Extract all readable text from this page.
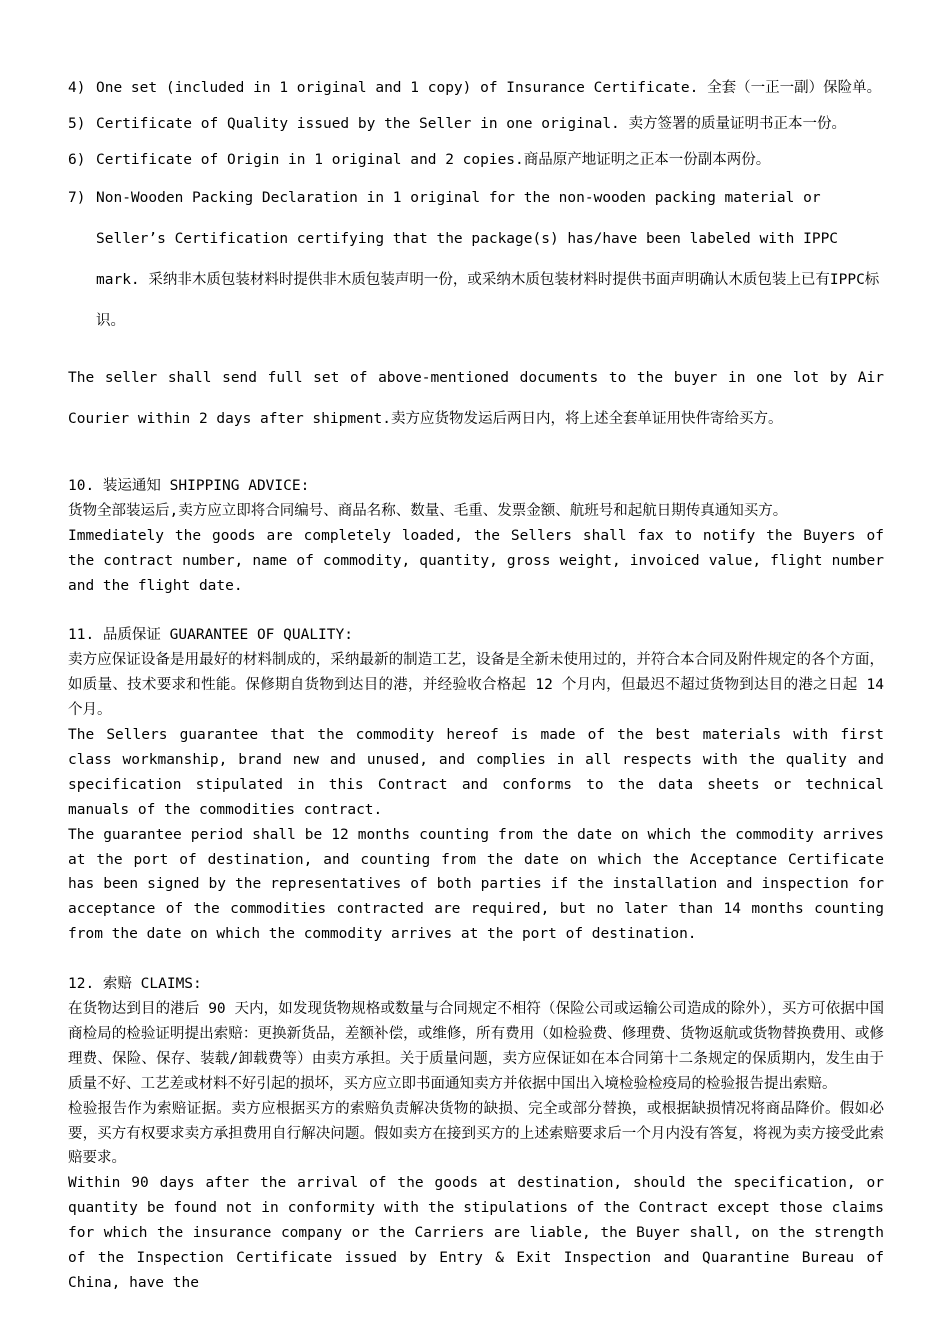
4) One set (included in 1 original and 1 copy) of Insurance Certificate. 全套（一正一副）保险单。
5) Certificate of Quality issued by the Seller in one original. 卖方签署的质量证明书正本一份。
6) Certificate of Origin in 1 original and 2 copies.商品原产地证明之正本一份副本两份。
7) Non-Wooden Packing Declaration in 1 original for the non-wooden packing material or Seller’s Certification certifying that the package(s) has/have been labeled with IPPC mark. 采纳非木质包装材料时提供非木质包装声明一份，或采纳木质包装材料时提供书面声明确认木质包装上已有IPPC标识。
The seller shall send full set of above-mentioned documents to the buyer in one lot by Air Courier within 2 days after shipment.卖方应货物发运后两日内，将上述全套单证用快件寄给买方。
10. 装运通知 SHIPPING ADVICE:
货物全部装运后,卖方应立即将合同编号、商品名称、数量、毛重、发票金额、航班号和起航日期传真通知买方。
Immediately the goods are completely loaded, the Sellers shall fax to notify the Buyers of the contract number, name of commodity, quantity, gross weight, invoiced value, flight number and the flight date.
11. 品质保证 GUARANTEE OF QUALITY:
卖方应保证设备是用最好的材料制成的，采纳最新的制造工艺，设备是全新未使用过的，并符合本合同及附件规定的各个方面，如质量、技术要求和性能。保修期自货物到达目的港，并经验收合格起 12 个月内，但最迟不超过货物到达目的港之日起 14 个月。
The Sellers guarantee that the commodity hereof is made of the best materials with first class workmanship, brand new and unused, and complies in all respects with the quality and specification stipulated in this Contract and conforms to the data sheets or technical manuals of the commodities contract.
The guarantee period shall be 12 months counting from the date on which the commodity arrives at the port of destination, and counting from the date on which the Acceptance Certificate has been signed by the representatives of both parties if the installation and inspection for acceptance of the commodities contracted are required, but no later than 14 months counting from the date on which the commodity arrives at the port of destination.
12. 索赔 CLAIMS:
在货物达到目的港后 90 天内，如发现货物规格或数量与合同规定不相符（保险公司或运输公司造成的除外），买方可依据中国商检局的检验证明提出索赔：更换新货品，差额补偿，或维修，所有费用（如检验费、修理费、货物返航或货物替换费用、或修理费、保险、保存、装载/卸载费等）由卖方承担。关于质量问题，卖方应保证如在本合同第十二条规定的保质期内，发生由于质量不好、工艺差或材料不好引起的损坏，买方应立即书面通知卖方并依据中国出入境检验检疫局的检验报告提出索赔。
检验报告作为索赔证据。卖方应根据买方的索赔负责解决货物的缺损、完全或部分替换，或根据缺损情况将商品降价。假如必要，买方有权要求卖方承担费用自行解决问题。假如卖方在接到买方的上述索赔要求后一个月内没有答复，将视为卖方接受此索赔要求。
Within 90 days after the arrival of the goods at destination, should the specification, or quantity be found not in conformity with the stipulations of the Contract except those claims for which the insurance company or the Carriers are liable, the Buyer shall, on the strength of the Inspection Certificate issued by Entry & Exit Inspection and Quarantine Bureau of China, have the
